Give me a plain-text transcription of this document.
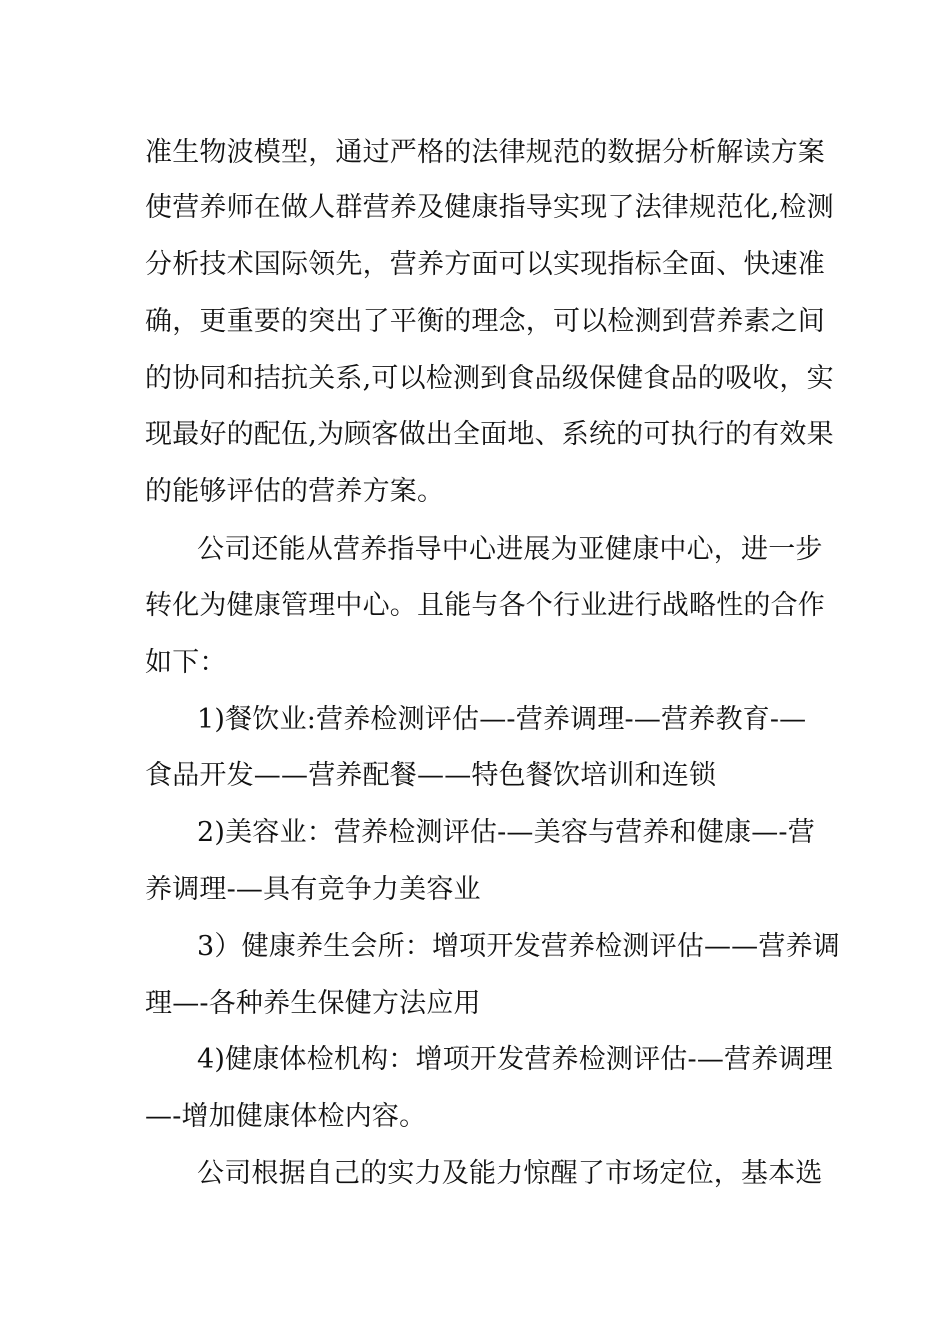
准生物波模型，通过严格的法律规范的数据分析解读方案
使营养师在做人群营养及健康指导实现了法律规范化,检测
分析技术国际领先，营养方面可以实现指标全面、快速准
确，更重要的突出了平衡的理念，可以检测到营养素之间
的协同和拮抗关系,可以检测到食品级保健食品的吸收，实
现最好的配伍,为顾客做出全面地、系统的可执行的有效果
的能够评估的营养方案。
公司还能从营养指导中心进展为亚健康中心，进一步
转化为健康管理中心。且能与各个行业进行战略性的合作
如下：
1)餐饮业:营养检测评估—-营养调理-—营养教育-—
食品开发——营养配餐——特色餐饮培训和连锁
2)美容业：营养检测评估-—美容与营养和健康—-营
养调理-—具有竞争力美容业
3）健康养生会所：增项开发营养检测评估——营养调
理—-各种养生保健方法应用
4)健康体检机构：增项开发营养检测评估-—营养调理
—-增加健康体检内容。
公司根据自己的实力及能力惊醒了市场定位，基本选
